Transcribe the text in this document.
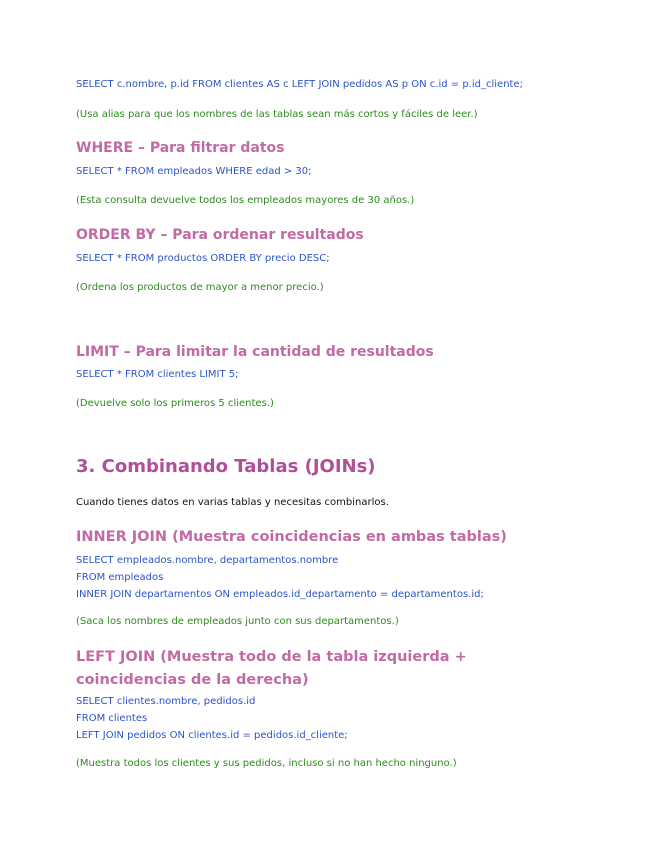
SELECT c.nombre, p.id FROM clientes AS c LEFT JOIN pedidos AS p ON c.id = p.id_cliente;

(Usa alias para que los nombres de las tablas sean más cortos y fáciles de leer.)

WHERE – Para filtrar datos

SELECT * FROM empleados WHERE edad > 30;

(Esta consulta devuelve todos los empleados mayores de 30 años.)

ORDER BY – Para ordenar resultados

SELECT * FROM productos ORDER BY precio DESC;

(Ordena los productos de mayor a menor precio.)

LIMIT – Para limitar la cantidad de resultados

SELECT * FROM clientes LIMIT 5;

(Devuelve solo los primeros 5 clientes.)

3. Combinando Tablas (JOINs)

Cuando tienes datos en varias tablas y necesitas combinarlos.

INNER JOIN (Muestra coincidencias en ambas tablas)

SELECT empleados.nombre, departamentos.nombre

FROM empleados

INNER JOIN departamentos ON empleados.id_departamento = departamentos.id;

(Saca los nombres de empleados junto con sus departamentos.)

LEFT JOIN (Muestra todo de la tabla izquierda + coincidencias de la derecha)

SELECT clientes.nombre, pedidos.id

FROM clientes

LEFT JOIN pedidos ON clientes.id = pedidos.id_cliente;

(Muestra todos los clientes y sus pedidos, incluso si no han hecho ninguno.)
